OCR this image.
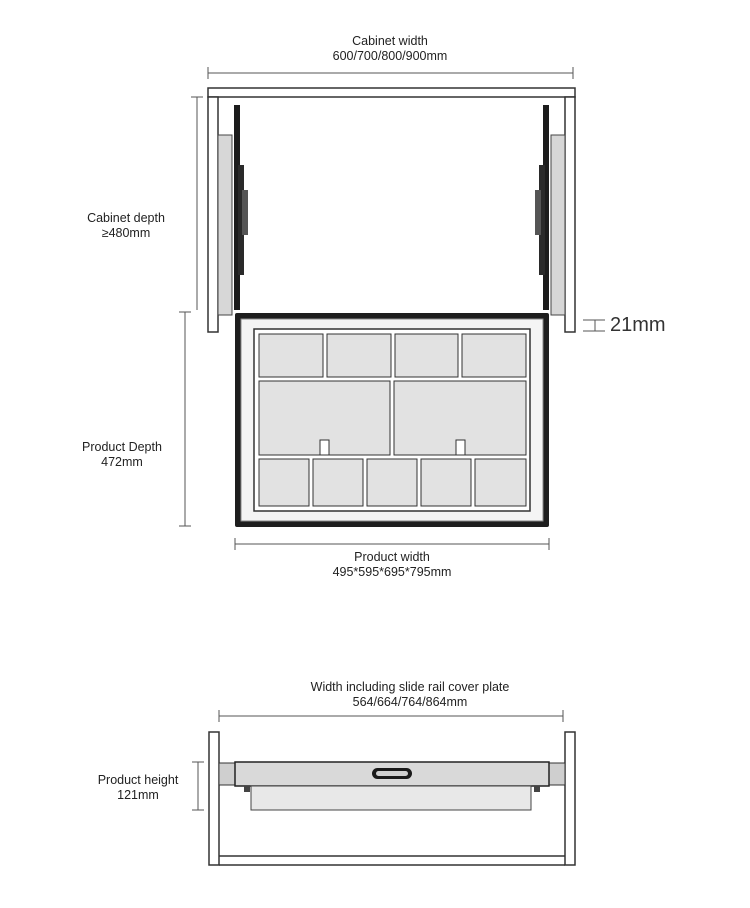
Cabinet width
600/700/800/900mm
Cabinet depth
≥480mm
Product Depth
472mm
21mm
Product width
495*595*695*795mm
Width including slide rail cover plate
564/664/764/864mm
Product height
121mm
